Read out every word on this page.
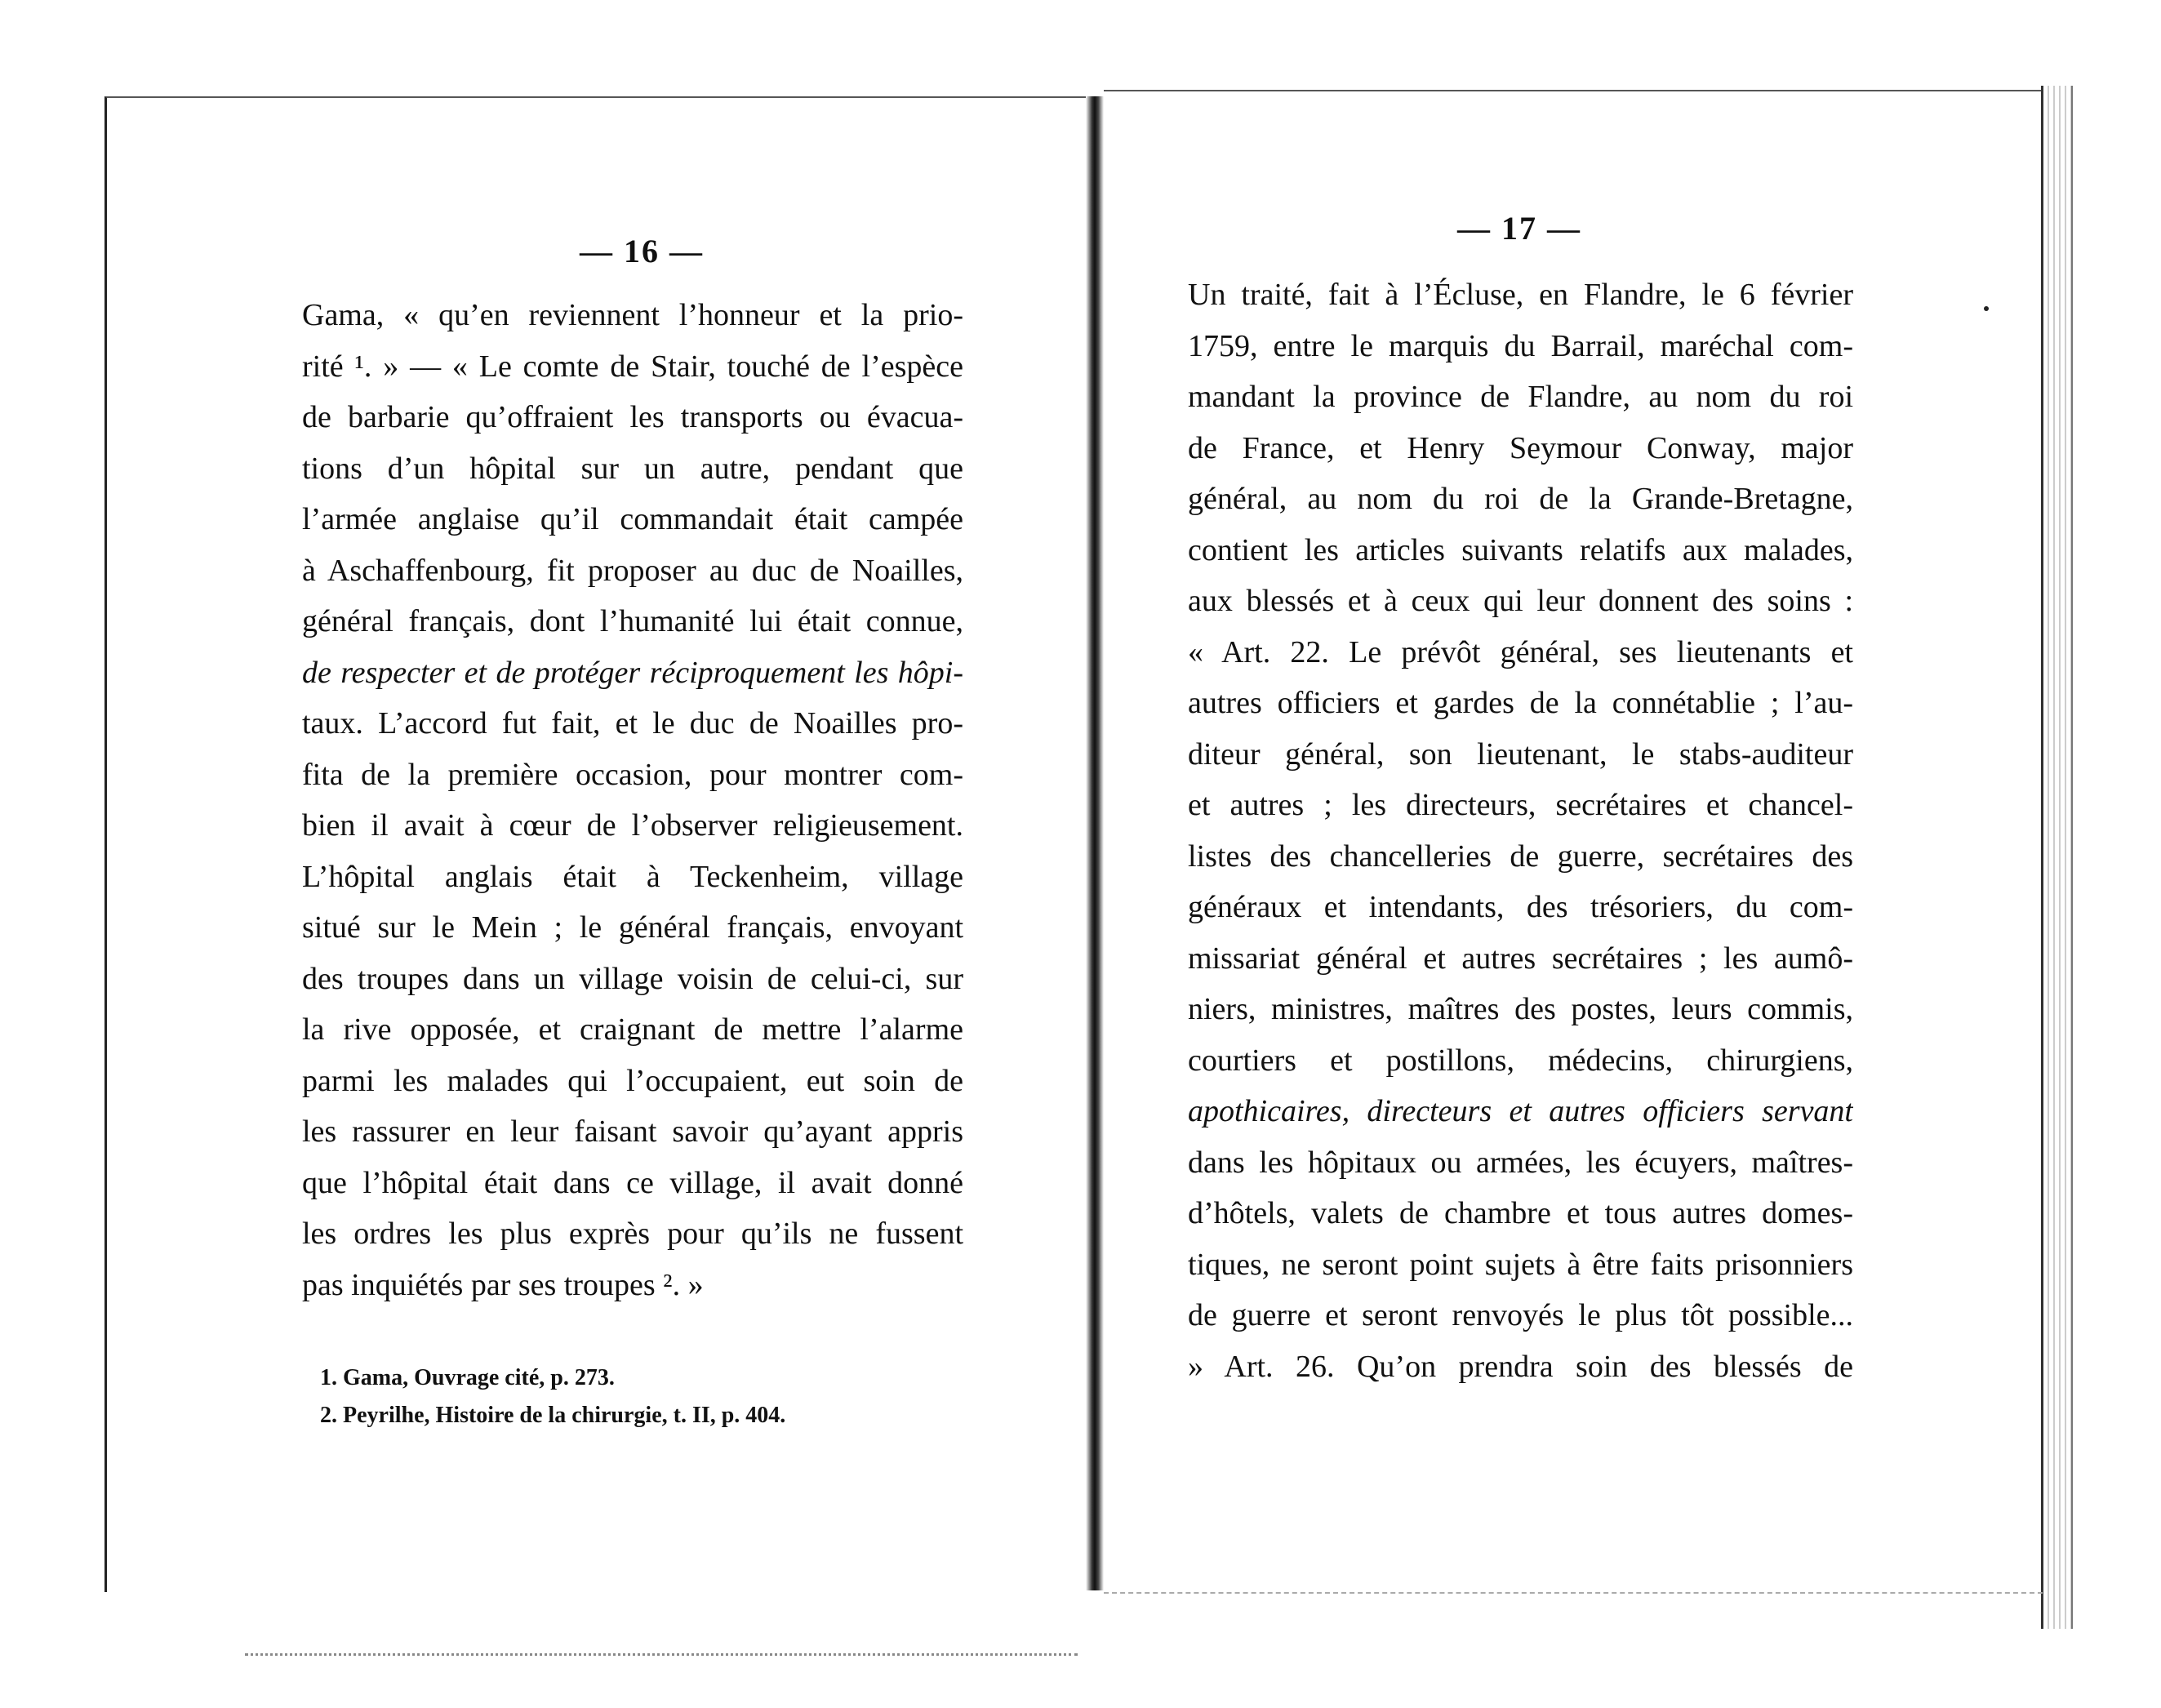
— 16 —
— 17 —
Gama, « qu’en reviennent l’honneur et la prio-
rité ¹. » — « Le comte de Stair, touché de l’espèce
de barbarie qu’offraient les transports ou évacua-
tions d’un hôpital sur un autre, pendant que
l’armée anglaise qu’il commandait était campée
à Aschaffenbourg, fit proposer au duc de Noailles,
général français, dont l’humanité lui était connue,
de respecter et de protéger réciproquement les hôpi-
taux. L’accord fut fait, et le duc de Noailles pro-
fita de la première occasion, pour montrer com-
bien il avait à cœur de l’observer religieusement.
L’hôpital anglais était à Teckenheim, village
situé sur le Mein ; le général français, envoyant
des troupes dans un village voisin de celui-ci, sur
la rive opposée, et craignant de mettre l’alarme
parmi les malades qui l’occupaient, eut soin de
les rassurer en leur faisant savoir qu’ayant appris
que l’hôpital était dans ce village, il avait donné
les ordres les plus exprès pour qu’ils ne fussent
pas inquiétés par ses troupes ². »
1. Gama, Ouvrage cité, p. 273.
2. Peyrilhe, Histoire de la chirurgie, t. II, p. 404.
Un traité, fait à l’Écluse, en Flandre, le 6 février
1759, entre le marquis du Barrail, maréchal com-
mandant la province de Flandre, au nom du roi
de France, et Henry Seymour Conway, major
général, au nom du roi de la Grande-Bretagne,
contient les articles suivants relatifs aux malades,
aux blessés et à ceux qui leur donnent des soins :
« Art. 22. Le prévôt général, ses lieutenants et
autres officiers et gardes de la connétablie ; l’au-
diteur général, son lieutenant, le stabs-auditeur
et autres ; les directeurs, secrétaires et chancel-
listes des chancelleries de guerre, secrétaires des
généraux et intendants, des trésoriers, du com-
missariat général et autres secrétaires ; les aumô-
niers, ministres, maîtres des postes, leurs commis,
courtiers et postillons, médecins, chirurgiens,
apothicaires, directeurs et autres officiers servant
dans les hôpitaux ou armées, les écuyers, maîtres-
d’hôtels, valets de chambre et tous autres domes-
tiques, ne seront point sujets à être faits prisonniers
de guerre et seront renvoyés le plus tôt possible...
» Art. 26. Qu’on prendra soin des blessés de
